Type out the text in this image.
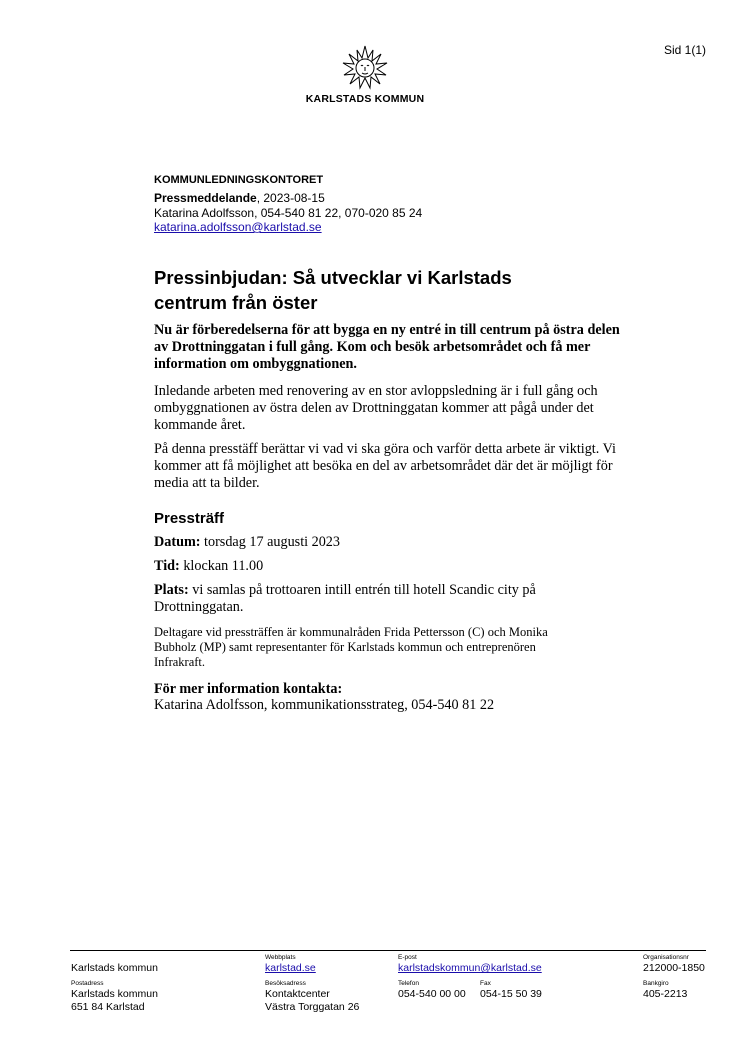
Sid 1(1)
KARLSTADS KOMMUN
KOMMUNLEDNINGSKONTORET
Pressmeddelande, 2023-08-15
Katarina Adolfsson, 054-540 81 22, 070-020 85 24
katarina.adolfsson@karlstad.se
Pressinbjudan: Så utvecklar vi Karlstads centrum från öster
Nu är förberedelserna för att bygga en ny entré in till centrum på östra delen av Drottninggatan i full gång. Kom och besök arbetsområdet och få mer information om ombyggnationen.
Inledande arbeten med renovering av en stor avloppsledning är i full gång och ombyggnationen av östra delen av Drottninggatan kommer att pågå under det kommande året.
På denna presstäff berättar vi vad vi ska göra och varför detta arbete är viktigt. Vi kommer att få möjlighet att besöka en del av arbetsområdet där det är möjligt för media att ta bilder.
Pressträff
Datum: torsdag 17 augusti 2023
Tid: klockan 11.00
Plats: vi samlas på trottoaren intill entrén till hotell Scandic city på Drottninggatan.
Deltagare vid pressträffen är kommunalråden Frida Pettersson (C) och Monika Bubholz (MP) samt representanter för Karlstads kommun och entreprenören Infrakraft.
För mer information kontakta:
Katarina Adolfsson, kommunikationsstrateg, 054-540 81 22
Karlstads kommun
Webbplats
karlstad.se
E-post
karlstadskommun@karlstad.se
Organisationsnr
212000-1850
Postadress
Karlstads kommun
651 84 Karlstad
Besöksadress
Kontaktcenter
Västra Torggatan 26
Telefon
054-540 00 00
Fax
054-15 50 39
Bankgiro
405-2213
